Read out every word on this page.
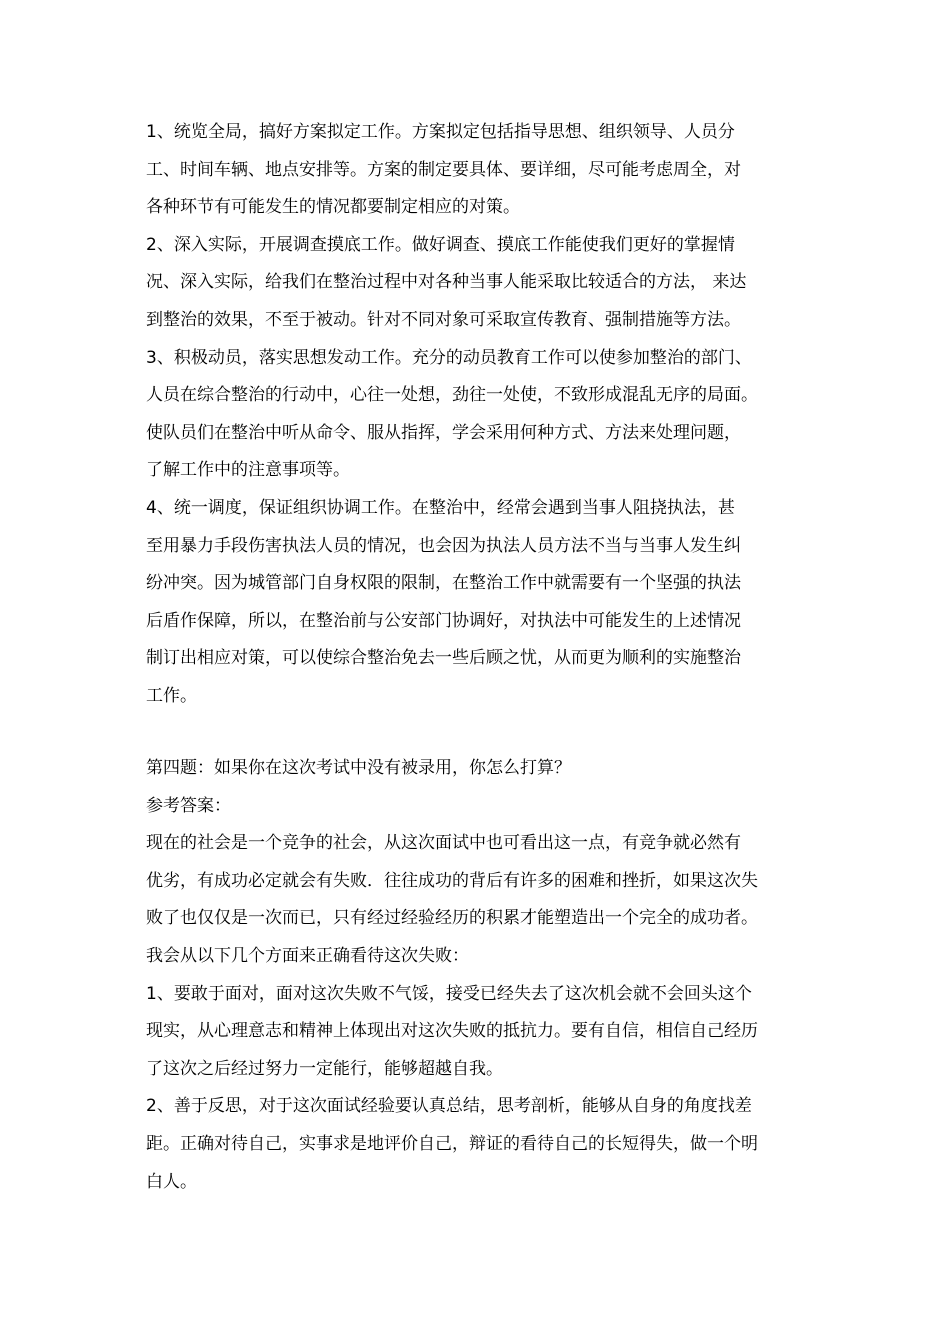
1、统览全局，搞好方案拟定工作。方案拟定包括指导思想、组织领导、人员分
工、时间车辆、地点安排等。方案的制定要具体、要详细，尽可能考虑周全，对
各种环节有可能发生的情况都要制定相应的对策。
2、深入实际，开展调查摸底工作。做好调查、摸底工作能使我们更好的掌握情
况、深入实际，给我们在整治过程中对各种当事人能采取比较适合的方法， 来达
到整治的效果，不至于被动。针对不同对象可采取宣传教育、强制措施等方法。
3、积极动员，落实思想发动工作。充分的动员教育工作可以使参加整治的部门、
人员在综合整治的行动中，心往一处想，劲往一处使，不致形成混乱无序的局面。
使队员们在整治中听从命令、服从指挥，学会采用何种方式、方法来处理问题，
了解工作中的注意事项等。
4、统一调度，保证组织协调工作。在整治中，经常会遇到当事人阻挠执法，甚
至用暴力手段伤害执法人员的情况，也会因为执法人员方法不当与当事人发生纠
纷冲突。因为城管部门自身权限的限制，在整治工作中就需要有一个坚强的执法
后盾作保障，所以，在整治前与公安部门协调好，对执法中可能发生的上述情况
制订出相应对策，可以使综合整治免去一些后顾之忧，从而更为顺利的实施整治
工作。
第四题：如果你在这次考试中没有被录用，你怎么打算？
参考答案：
现在的社会是一个竞争的社会，从这次面试中也可看出这一点，有竞争就必然有
优劣，有成功必定就会有失败．往往成功的背后有许多的困难和挫折，如果这次失
败了也仅仅是一次而已，只有经过经验经历的积累才能塑造出一个完全的成功者。
我会从以下几个方面来正确看待这次失败：
1、要敢于面对，面对这次失败不气馁，接受已经失去了这次机会就不会回头这个
现实，从心理意志和精神上体现出对这次失败的抵抗力。要有自信，相信自己经历
了这次之后经过努力一定能行，能够超越自我。
2、善于反思，对于这次面试经验要认真总结，思考剖析，能够从自身的角度找差
距。正确对待自己，实事求是地评价自己，辩证的看待自己的长短得失，做一个明
白人。
